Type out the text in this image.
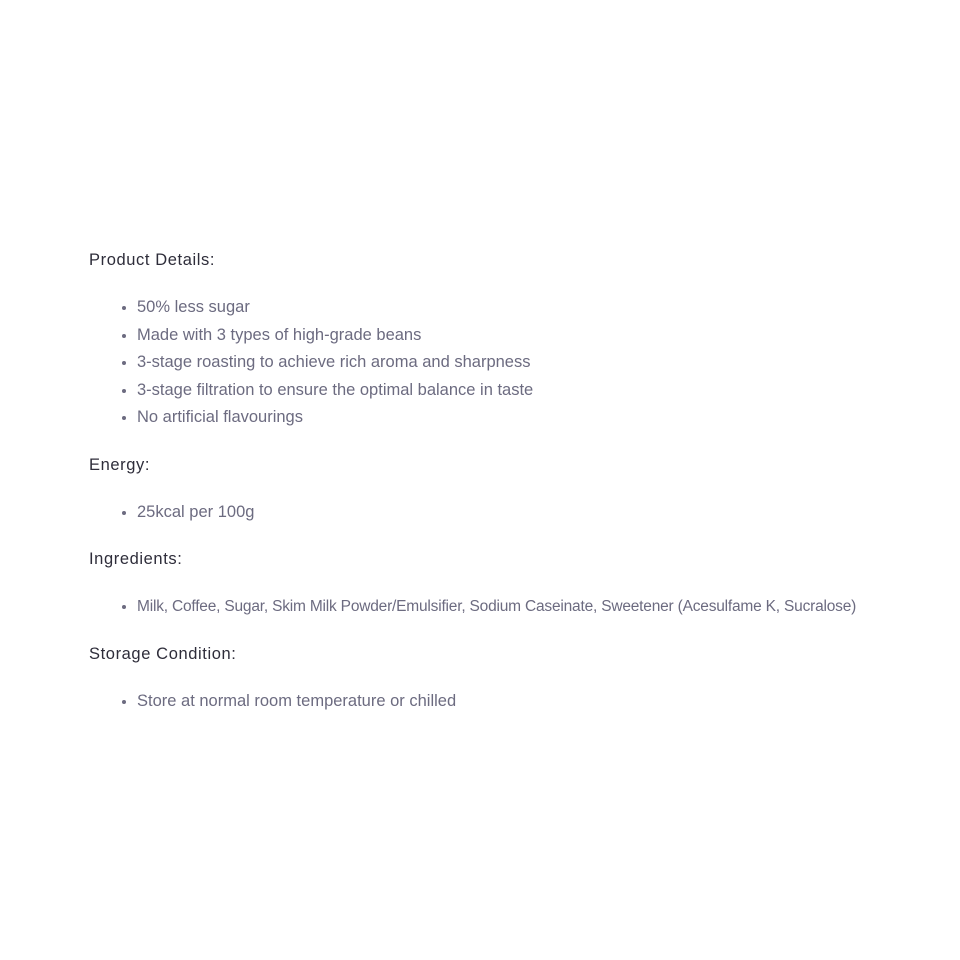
Product Details:

• 50% less sugar
• Made with 3 types of high-grade beans
• 3-stage roasting to achieve rich aroma and sharpness
• 3-stage filtration to ensure the optimal balance in taste
• No artificial flavourings

Energy:

• 25kcal per 100g

Ingredients:

• Milk, Coffee, Sugar, Skim Milk Powder/Emulsifier, Sodium Caseinate, Sweetener (Acesulfame K, Sucralose)

Storage Condition:

• Store at normal room temperature or chilled
